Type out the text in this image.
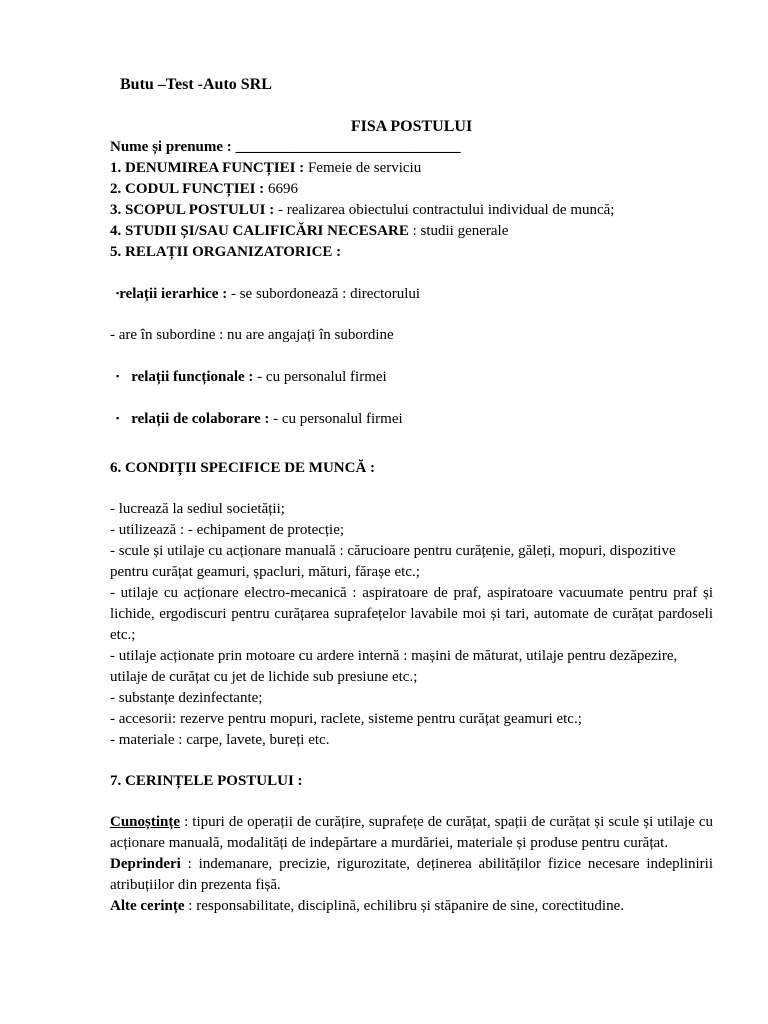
Butu –Test -Auto SRL

FISA POSTULUI

Nume și prenume : ______________________________

1. DENUMIREA FUNCȚIEI : Femeie de serviciu

2. CODUL FUNCȚIEI : 6696

3. SCOPUL POSTULUI : - realizarea obiectului contractului individual de muncă;

4. STUDII ȘI/SAU CALIFICĂRI NECESARE : studii generale

5. RELAȚII ORGANIZATORICE :

▪relații ierarhice : - se subordonează : directorului

- are în subordine : nu are angajați în subordine

▪ relații funcționale : - cu personalul firmei

▪ relații de colaborare : - cu personalul firmei

6. CONDIȚII SPECIFICE DE MUNCĂ :

- lucrează la sediul societății;

- utilizează : - echipament de protecție;

- scule și utilaje cu acționare manuală : cărucioare pentru curățenie, găleți, mopuri, dispozitive pentru curățat geamuri, șpacluri, mături, fărașe etc.;

- utilaje cu acționare electro-mecanică : aspiratoare de praf, aspiratoare vacuumate pentru praf și lichide, ergodiscuri pentru curățarea suprafețelor lavabile moi și tari, automate de curățat pardoseli etc.;

- utilaje acționate prin motoare cu ardere internă : mașini de măturat, utilaje pentru dezăpezire, utilaje de curățat cu jet de lichide sub presiune etc.;

- substanțe dezinfectante;

- accesorii: rezerve pentru mopuri, raclete, sisteme pentru curățat geamuri etc.;

- materiale : carpe, lavete, bureți etc.

7. CERINȚELE POSTULUI :

Cunoștințe : tipuri de operații de curățire, suprafețe de curățat, spații de curățat și scule și utilaje cu acționare manuală, modalități de indepărtare a murdăriei, materiale și produse pentru curățat.

Deprinderi : indemanare, precizie, rigurozitate, deținerea abilităților fizice necesare indeplinirii atribuțiilor din prezenta fișă.

Alte cerințe : responsabilitate, disciplină, echilibru și stăpanire de sine, corectitudine.
